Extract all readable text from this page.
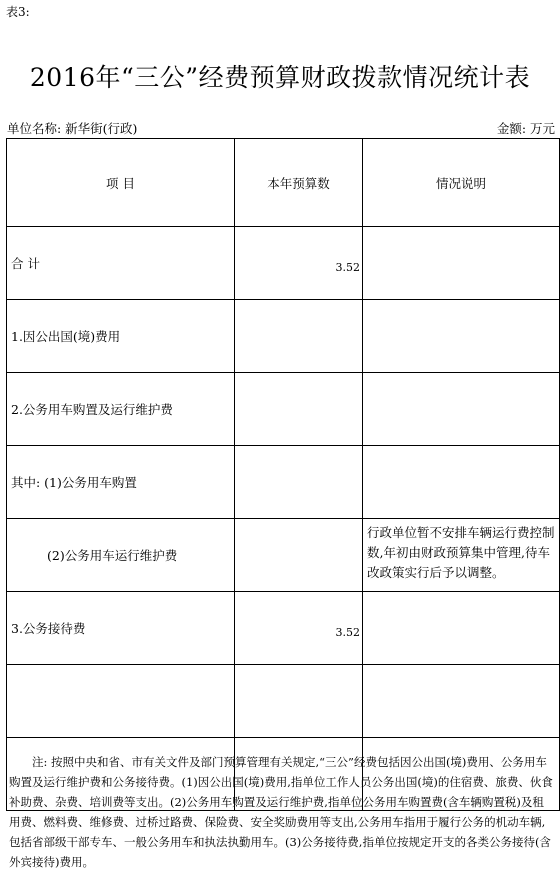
表3:
2016年“三公”经费预算财政拨款情况统计表
单位名称: 新华街(行政)	金额: 万元
项 目	本年预算数	情况说明
合 计	3.52	
1.因公出国(境)费用		
2.公务用车购置及运行维护费		
其中: (1)公务用车购置		
(2)公务用车运行维护费		行政单位暂不安排车辆运行费控制数,年初由财政预算集中管理,待车改政策实行后予以调整。
3.公务接待费	3.52	

注: 按照中央和省、市有关文件及部门预算管理有关规定,“三公”经费包括因公出国(境)费用、公务用车购置及运行维护费和公务接待费。(1)因公出国(境)费用,指单位工作人员公务出国(境)的住宿费、旅费、伙食补助费、杂费、培训费等支出。(2)公务用车购置及运行维护费,指单位公务用车购置费(含车辆购置税)及租用费、燃料费、维修费、过桥过路费、保险费、安全奖励费用等支出,公务用车指用于履行公务的机动车辆,包括省部级干部专车、一般公务用车和执法执勤用车。(3)公务接待费,指单位按规定开支的各类公务接待(含外宾接待)费用。
